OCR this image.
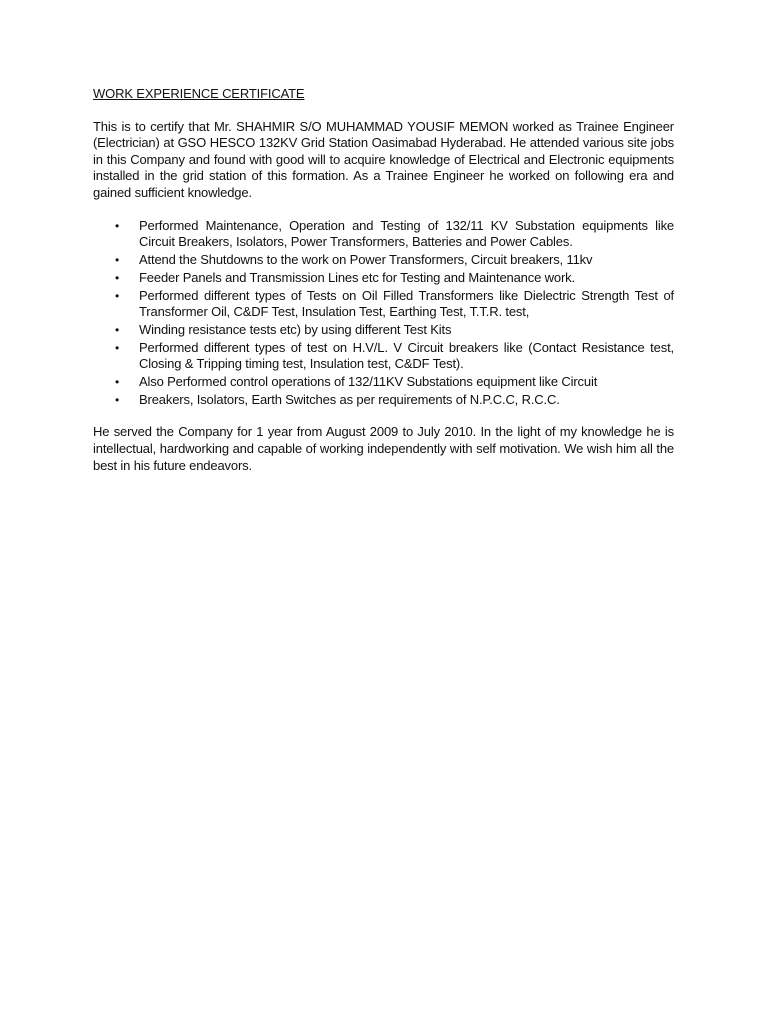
WORK EXPERIENCE CERTIFICATE

This is to certify that Mr. SHAHMIR S/O MUHAMMAD YOUSIF MEMON worked as Trainee Engineer (Electrician) at GSO HESCO 132KV Grid Station Oasimabad Hyderabad. He attended various site jobs in this Company and found with good will to acquire knowledge of Electrical and Electronic equipments installed in the grid station of this formation. As a Trainee Engineer he worked on following era and gained sufficient knowledge.

• Performed Maintenance, Operation and Testing of 132/11 KV Substation equipments like Circuit Breakers, Isolators, Power Transformers, Batteries and Power Cables.
• Attend the Shutdowns to the work on Power Transformers, Circuit breakers, 11kv
• Feeder Panels and Transmission Lines etc for Testing and Maintenance work.
• Performed different types of Tests on Oil Filled Transformers like Dielectric Strength Test of Transformer Oil, C&DF Test, Insulation Test, Earthing Test, T.T.R. test,
• Winding resistance tests etc) by using different Test Kits
• Performed different types of test on H.V/L. V Circuit breakers like (Contact Resistance test, Closing & Tripping timing test, Insulation test, C&DF Test).
• Also Performed control operations of 132/11KV Substations equipment like Circuit
• Breakers, Isolators, Earth Switches as per requirements of N.P.C.C, R.C.C.

He served the Company for 1 year from August 2009 to July 2010. In the light of my knowledge he is intellectual, hardworking and capable of working independently with self motivation. We wish him all the best in his future endeavors.
